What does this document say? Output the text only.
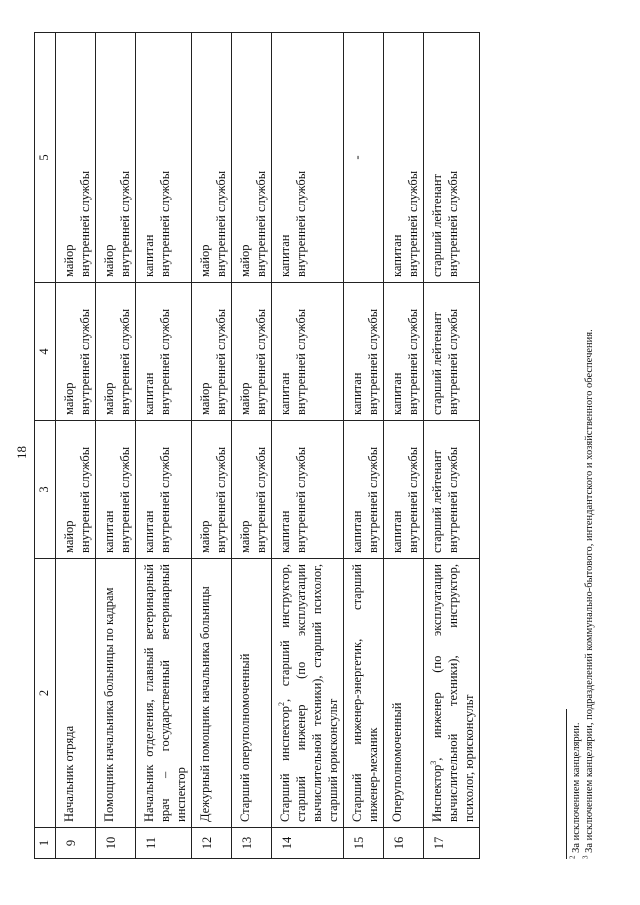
18
1	2	3	4	5
9	Начальник отряда	майор внутренней службы	майор внутренней службы	майор внутренней службы

10	Помощник начальника больницы по кадрам	капитан внутренней службы	майор внутренней службы	майор внутренней службы

11	Начальник отделения, главный ветеринарный врач – государственный ветеринарный инспектор	капитан внутренней службы	капитан внутренней службы	капитан внутренней службы

12	Дежурный помощник начальника больницы	майор внутренней службы	майор внутренней службы	майор внутренней службы

13	Старший оперуполномоченный	майор внутренней службы	майор внутренней службы	майор внутренней службы

14	Старший инспектор$^2$, старший инструктор, старший инженер (по эксплуатации вычислительной техники), старший психолог, старший юрисконсульт	капитан внутренней службы	капитан внутренней службы	капитан внутренней службы

15	Старший инженер-энергетик, старший инженер-механик	капитан внутренней службы	капитан внутренней службы	-
16	Оперуполномоченный	капитан внутренней службы	капитан внутренней службы	капитан внутренней службы

17	Инспектор$^3$, инженер (по эксплуатации вычислительной техники), инструктор, психолог, юрисконсульт	старший лейтенант внутренней службы	старший лейтенант внутренней службы	старший лейтенант внутренней службы
$^2$ За исключением канцелярии.
$^3$ За исключением канцелярии, подразделений коммунально-бытового, интендантского и хозяйственного обеспечения.
